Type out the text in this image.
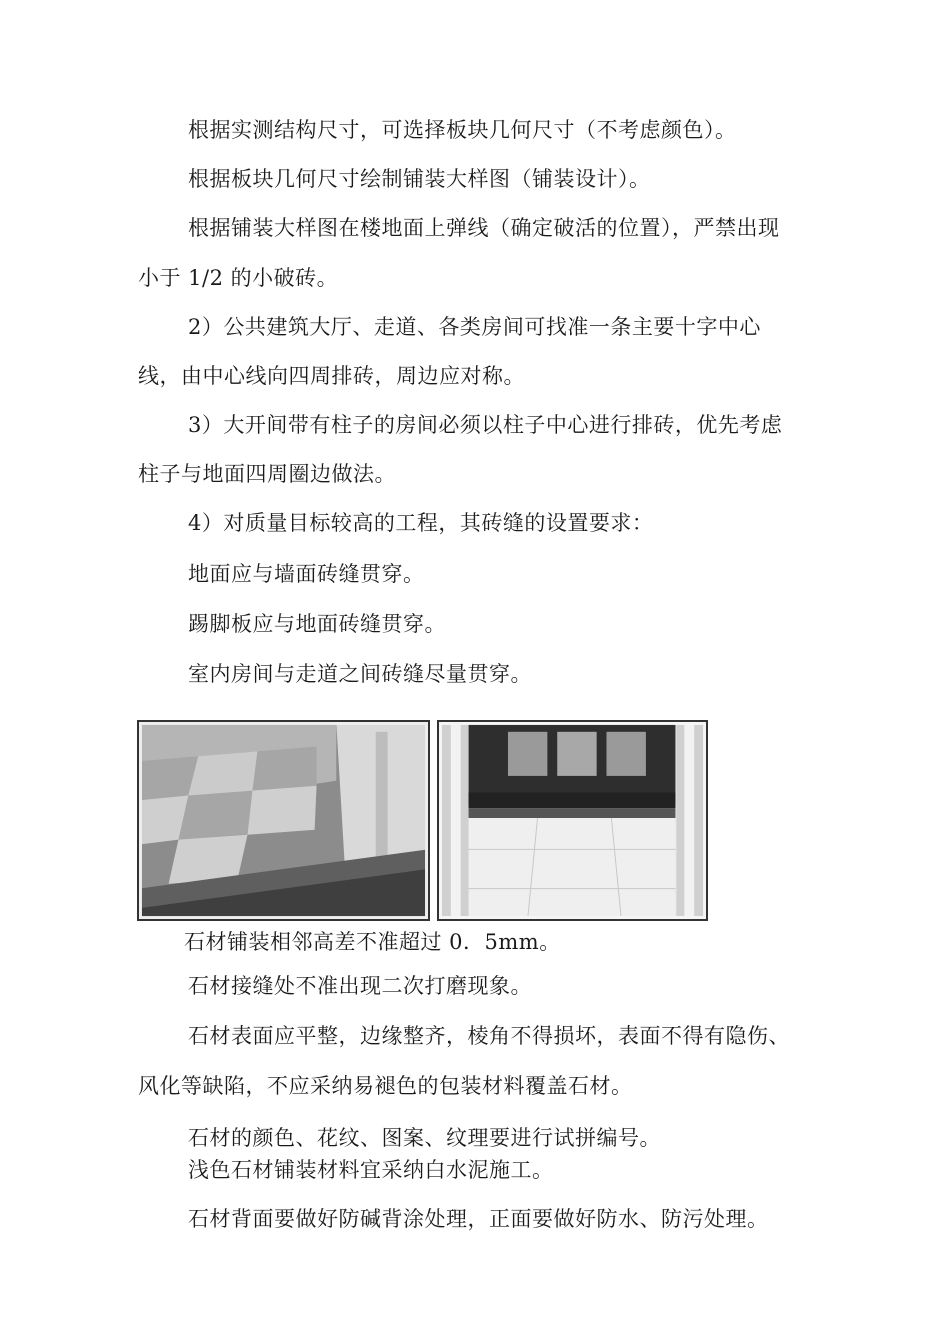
根据实测结构尺寸，可选择板块几何尺寸（不考虑颜色）。

根据板块几何尺寸绘制铺装大样图（铺装设计）。

根据铺装大样图在楼地面上弹线（确定破活的位置），严禁出现

小于 1/2 的小破砖。

2）公共建筑大厅、走道、各类房间可找准一条主要十字中心

线，由中心线向四周排砖，周边应对称。

3）大开间带有柱子的房间必须以柱子中心进行排砖，优先考虑

柱子与地面四周圈边做法。

4）对质量目标较高的工程，其砖缝的设置要求：

地面应与墙面砖缝贯穿。

踢脚板应与地面砖缝贯穿。

室内房间与走道之间砖缝尽量贯穿。

石材铺装相邻高差不准超过 0．5mm。

石材接缝处不准出现二次打磨现象。

石材表面应平整，边缘整齐，棱角不得损坏，表面不得有隐伤、

风化等缺陷，不应采纳易褪色的包装材料覆盖石材。

石材的颜色、花纹、图案、纹理要进行试拼编号。

浅色石材铺装材料宜采纳白水泥施工。

石材背面要做好防碱背涂处理，正面要做好防水、防污处理。
